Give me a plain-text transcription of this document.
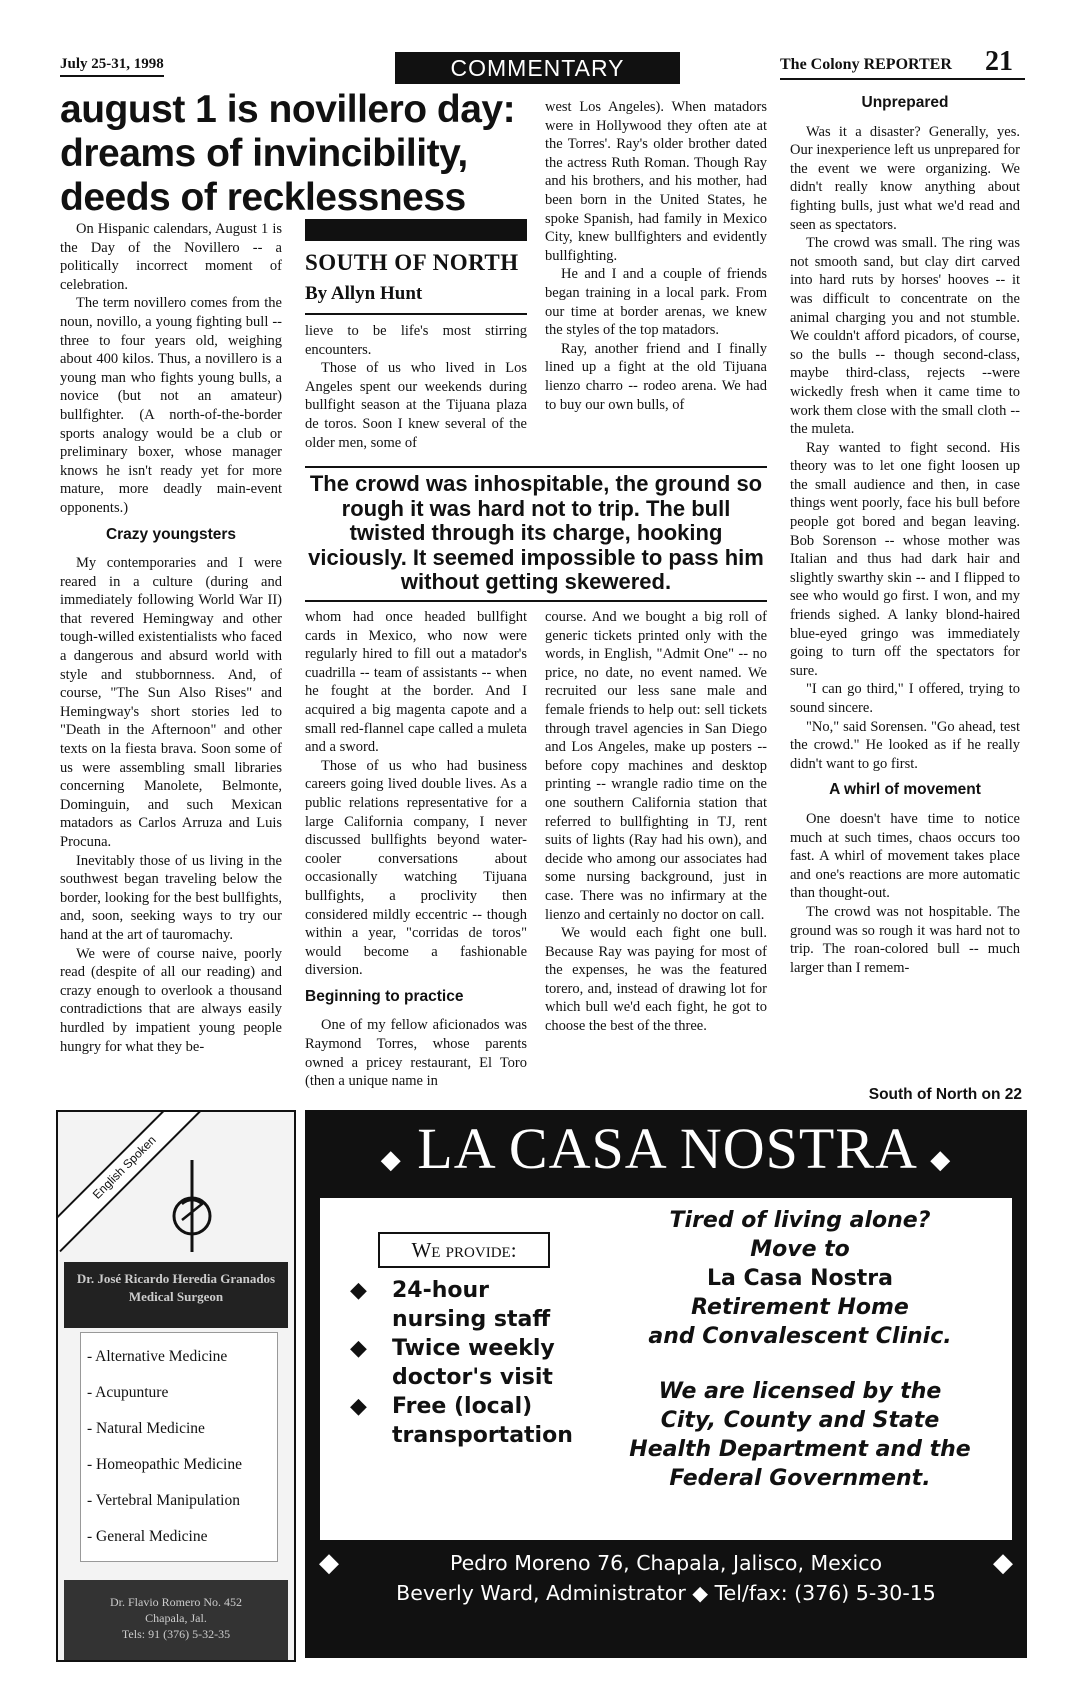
July 25-31, 1998	COMMENTARY	The Colony REPORTER 21
august 1 is novillero day: dreams of invincibility, deeds of recklessness

On Hispanic calendars, August 1 is the Day of the Novillero -- a politically incorrect moment of celebration.

The term novillero comes from the noun, novillo, a young fighting bull --three to four years old, weighing about 400 kilos. Thus, a novillero is a young man who fights young bulls, a novice (but not an amateur) bullfighter. (A north-of-the-border sports analogy would be a club or preliminary boxer, whose manager knows he isn't ready yet for more mature, more deadly main-event opponents.)

Crazy youngsters

My contemporaries and I were reared in a culture (during and immediately following World War II) that revered Hemingway and other tough-willed existentialists who faced a dangerous and absurd world with style and stubbornness. And, of course, "The Sun Also Rises" and Hemingway's short stories led to "Death in the Afternoon" and other texts on la fiesta brava. Soon some of us were assembling small libraries concerning Manolete, Belmonte, Dominguin, and such Mexican matadors as Carlos Arruza and Luis Procuna.

Inevitably those of us living in the southwest began traveling below the border, looking for the best bullfights, and, soon, seeking ways to try our hand at the art of tauromachy.

We were of course naive, poorly read (despite of all our reading) and crazy enough to overlook a thousand contradictions that are always easily hurdled by impatient young people hungry for what they be-

SOUTH OF NORTH
By Allyn Hunt

lieve to be life's most stirring encounters.

Those of us who lived in Los Angeles spent our weekends during bullfight season at the Tijuana plaza de toros. Soon I knew several of the older men, some of

west Los Angeles). When matadors were in Hollywood they often ate at the Torres'. Ray's older brother dated the actress Ruth Roman. Though Ray and his brothers, and his mother, had been born in the United States, he spoke Spanish, had family in Mexico City, knew bullfighters and evidently bullfighting.

He and I and a couple of friends began training in a local park. From our time at border arenas, we knew the styles of the top matadors.

Ray, another friend and I finally lined up a fight at the old Tijuana lienzo charro -- rodeo arena. We had to buy our own bulls, of

The crowd was inhospitable, the ground so rough it was hard not to trip. The bull twisted through its charge, hooking viciously. It seemed impossible to pass him without getting skewered.

whom had once headed bullfight cards in Mexico, who now were regularly hired to fill out a matador's cuadrilla -- team of assistants -- when he fought at the border. And I acquired a big magenta capote and a small red-flannel cape called a muleta and a sword.

Those of us who had business careers going lived double lives. As a public relations representative for a large California company, I never discussed bullfights beyond water-cooler conversations about occasionally watching Tijuana bullfights, a proclivity then considered mildly eccentric -- though within a year, "corridas de toros" would become a fashionable diversion.

Beginning to practice

One of my fellow aficionados was Raymond Torres, whose parents owned a pricey restaurant, El Toro (then a unique name in

course. And we bought a big roll of generic tickets printed only with the words, in English, "Admit One" -- no price, no date, no event named. We recruited our less sane male and female friends to help out: sell tickets through travel agencies in San Diego and Los Angeles, make up posters -- before copy machines and desktop printing -- wrangle radio time on the one southern California station that referred to bullfighting in TJ, rent suits of lights (Ray had his own), and decide who among our associates had some nursing background, just in case. There was no infirmary at the lienzo and certainly no doctor on call.

We would each fight one bull. Because Ray was paying for most of the expenses, he was the featured torero, and, instead of drawing lot for which bull we'd each fight, he got to choose the best of the three.

Unprepared

Was it a disaster? Generally, yes. Our inexperience left us unprepared for the event we were organizing. We didn't really know anything about fighting bulls, just what we'd read and seen as spectators.

The crowd was small. The ring was not smooth sand, but clay dirt carved into hard ruts by horses' hooves -- it was difficult to concentrate on the animal charging you and not stumble. We couldn't afford picadors, of course, so the bulls -- though second-class, maybe third-class, rejects --were wickedly fresh when it came time to work them close with the small cloth -- the muleta.

Ray wanted to fight second. His theory was to let one fight loosen up the small audience and then, in case things went poorly, face his bull before people got bored and began leaving. Bob Sorenson -- whose mother was Italian and thus had dark hair and slightly swarthy skin -- and I flipped to see who would go first. I won, and my friends sighed. A lanky blond-haired blue-eyed gringo was immediately going to turn off the spectators for sure.

"I can go third," I offered, trying to sound sincere.

"No," said Sorensen. "Go ahead, test the crowd." He looked as if he really didn't want to go first.

A whirl of movement

One doesn't have time to notice much at such times, chaos occurs too fast. A whirl of movement takes place and one's reactions are more automatic than thought-out.

The crowd was not hospitable. The ground was so rough it was hard not to trip. The roan-colored bull -- much larger than I remem-

South of North on 22
English Spoken
Dr. José Ricardo Heredia Granados
Medical Surgeon
- Alternative Medicine
- Acupunture
- Natural Medicine
- Homeopathic Medicine
- Vertebral Manipulation
- General Medicine
Dr. Flavio Romero No. 452
Chapala, Jal.
Tels: 91 (376) 5-32-35
◆ LA CASA NOSTRA ◆
We provide:
◆ 24-hour nursing staff
◆ Twice weekly doctor's visit
◆ Free (local) transportation
Tired of living alone?
Move to
La Casa Nostra
Retirement Home
and Convalescent Clinic.
We are licensed by the
City, County and State
Health Department and the
Federal Government.
◆	Pedro Moreno 76, Chapala, Jalisco, Mexico	◆
Beverly Ward, Administrator ◆ Tel/fax: (376) 5-30-15
